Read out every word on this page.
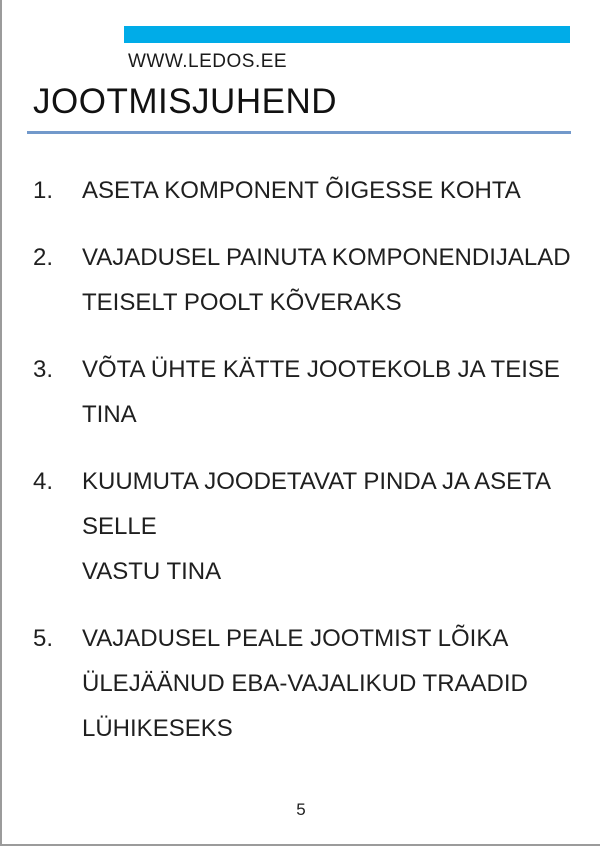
WWW.LEDOS.EE
JOOTMISJUHEND
1.	ASETA KOMPONENT ÕIGESSE KOHTA
2.	VAJADUSEL PAINUTA KOMPONENDIJALAD
TEISELT POOLT KÕVERAKS
3.	VÕTA ÜHTE KÄTTE JOOTEKOLB JA TEISE TINA
4.	KUUMUTA JOODETAVAT PINDA JA ASETA SELLE
VASTU TINA
5.	VAJADUSEL PEALE JOOTMIST LÕIKA
ÜLEJÄÄNUD EBA-VAJALIKUD TRAADID
LÜHIKESEKS
5
